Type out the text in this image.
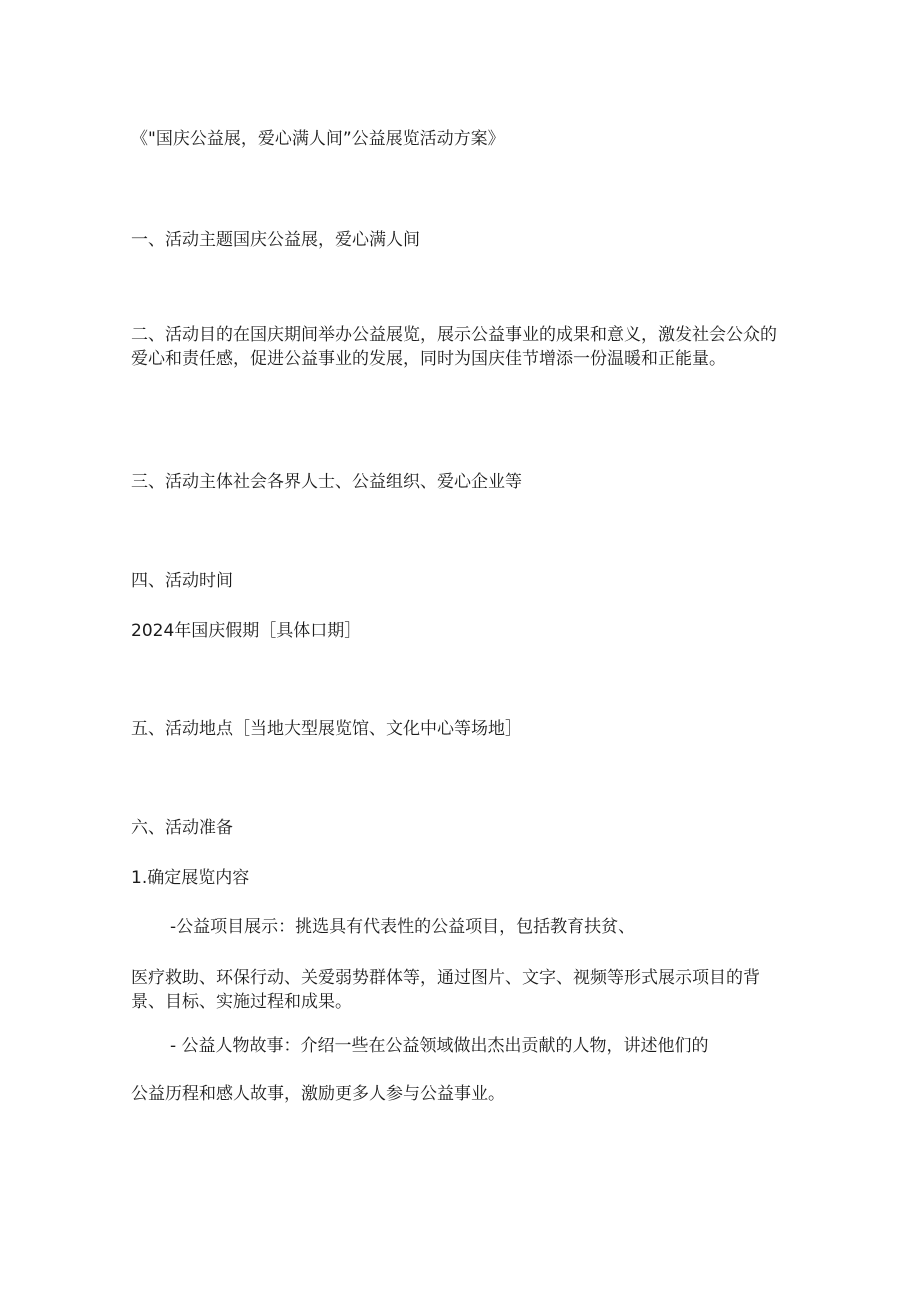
《"国庆公益展，爱心满人间”公益展览活动方案》

一、活动主题国庆公益展，爱心满人间

二、活动目的在国庆期间举办公益展览，展示公益事业的成果和意义，激发社会公众的爱心和责任感，促进公益事业的发展，同时为国庆佳节增添一份温暖和正能量。

三、活动主体社会各界人士、公益组织、爱心企业等

四、活动时间

2024年国庆假期［具体口期］

五、活动地点［当地大型展览馆、文化中心等场地］

六、活动准备

1.确定展览内容

-公益项目展示：挑选具有代表性的公益项目，包括教育扶贫、

医疗救助、环保行动、关爱弱势群体等，通过图片、文字、视频等形式展示项目的背景、目标、实施过程和成果。

- 公益人物故事：介绍一些在公益领域做出杰出贡献的人物，讲述他们的

公益历程和感人故事，激励更多人参与公益事业。
